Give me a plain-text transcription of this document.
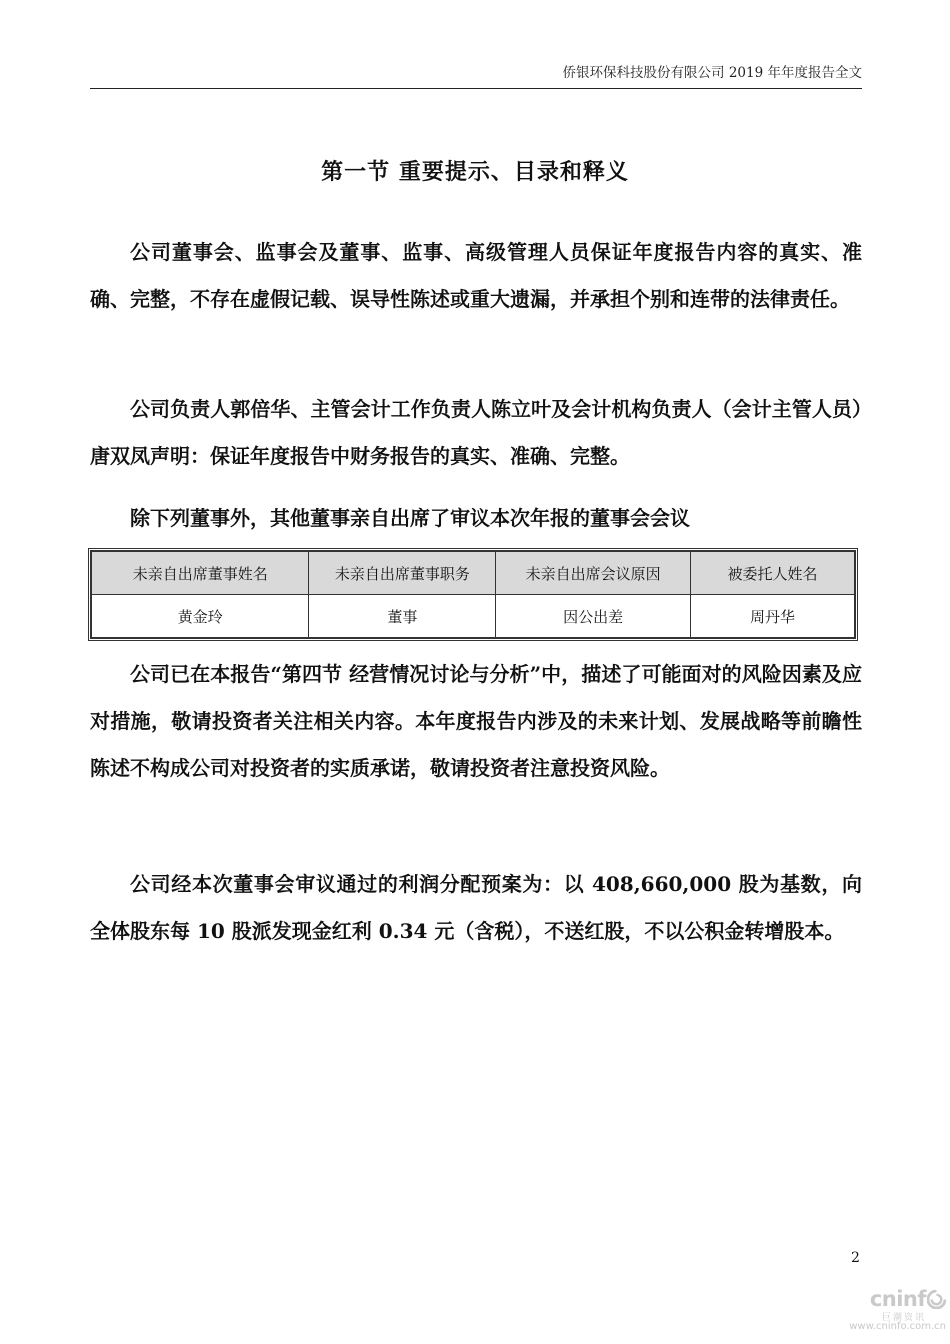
侨银环保科技股份有限公司 2019 年年度报告全文
第一节 重要提示、目录和释义

公司董事会、监事会及董事、监事、高级管理人员保证年度报告内容的真实、准确、完整，不存在虚假记载、误导性陈述或重大遗漏，并承担个别和连带的法律责任。

公司负责人郭倍华、主管会计工作负责人陈立叶及会计机构负责人（会计主管人员）唐双凤声明：保证年度报告中财务报告的真实、准确、完整。

除下列董事外，其他董事亲自出席了审议本次年报的董事会会议

未亲自出席董事姓名	未亲自出席董事职务	未亲自出席会议原因	被委托人姓名
黄金玲	董事	因公出差	周丹华

公司已在本报告“第四节 经营情况讨论与分析”中，描述了可能面对的风险因素及应对措施，敬请投资者关注相关内容。本年度报告内涉及的未来计划、发展战略等前瞻性陈述不构成公司对投资者的实质承诺，敬请投资者注意投资风险。

公司经本次董事会审议通过的利润分配预案为：以 408,660,000 股为基数，向全体股东每 10 股派发现金红利 0.34 元（含税），不送红股，不以公积金转增股本。

2
cninf
巨潮资讯
www.cninfo.com.cn
